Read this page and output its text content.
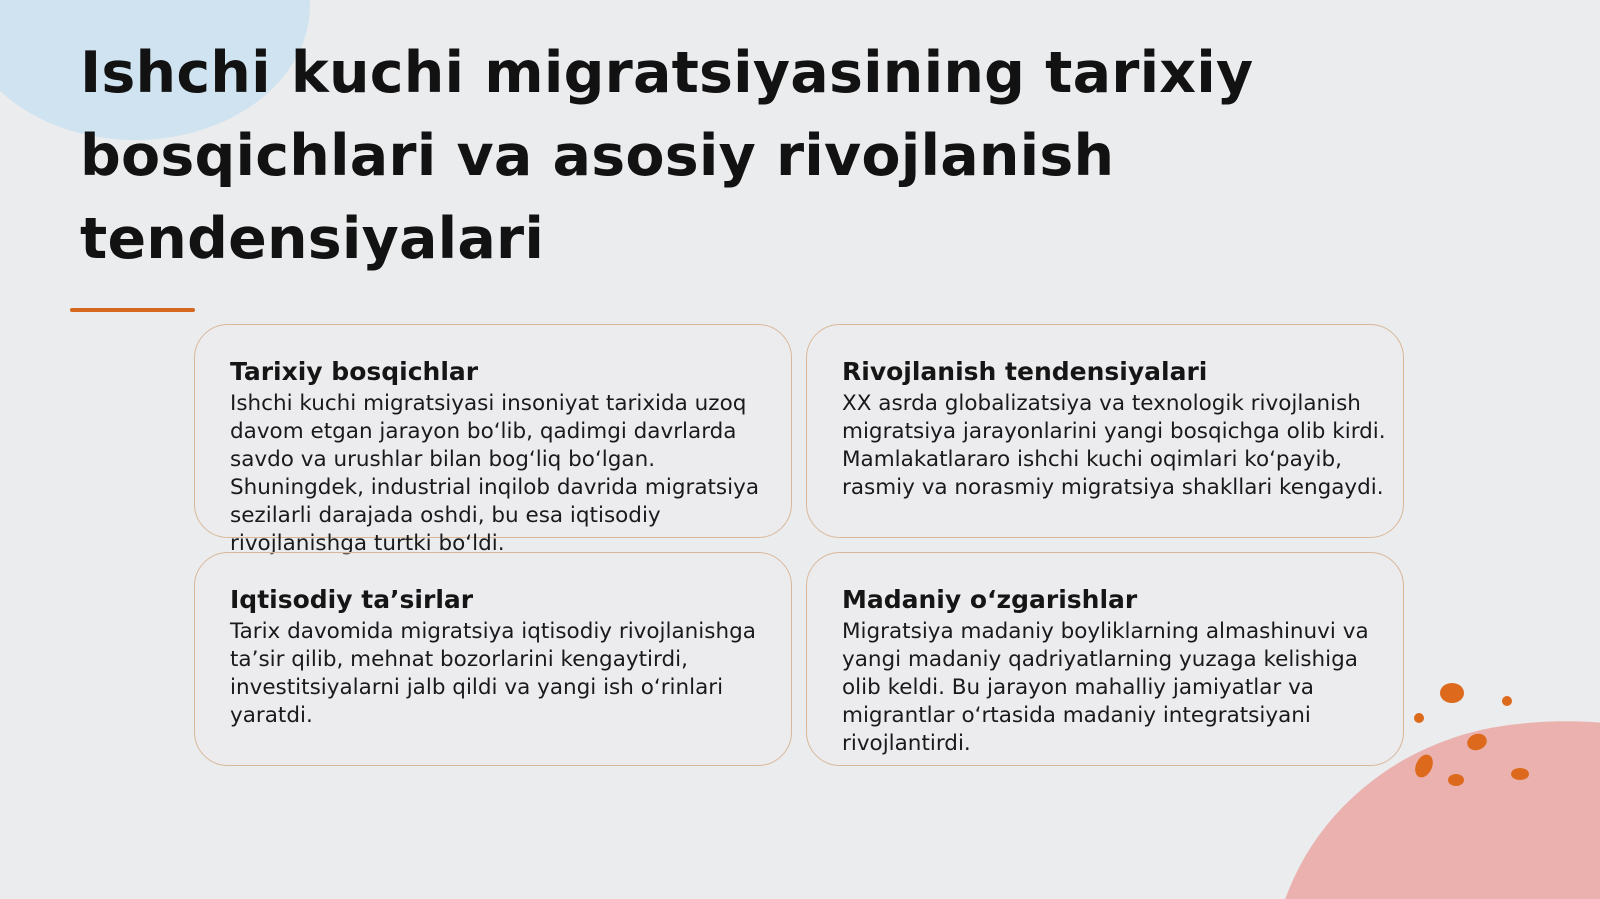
Ishchi kuchi migratsiyasining tarixiy bosqichlari va asosiy rivojlanish tendensiyalari
Tarixiy bosqichlar

Ishchi kuchi migratsiyasi insoniyat tarixida uzoq davom etgan jarayon bo‘lib, qadimgi davrlarda savdo va urushlar bilan bog‘liq bo‘lgan. Shuningdek, industrial inqilob davrida migratsiya sezilarli darajada oshdi, bu esa iqtisodiy rivojlanishga turtki bo‘ldi.

Rivojlanish tendensiyalari

XX asrda globalizatsiya va texnologik rivojlanish migratsiya jarayonlarini yangi bosqichga olib kirdi. Mamlakatlararo ishchi kuchi oqimlari ko‘payib, rasmiy va norasmiy migratsiya shakllari kengaydi.

Iqtisodiy ta’sirlar

Tarix davomida migratsiya iqtisodiy rivojlanishga ta’sir qilib, mehnat bozorlarini kengaytirdi, investitsiyalarni jalb qildi va yangi ish o‘rinlari yaratdi.

Madaniy o‘zgarishlar

Migratsiya madaniy boyliklarning almashinuvi va yangi madaniy qadriyatlarning yuzaga kelishiga olib keldi. Bu jarayon mahalliy jamiyatlar va migrantlar o‘rtasida madaniy integratsiyani rivojlantirdi.
